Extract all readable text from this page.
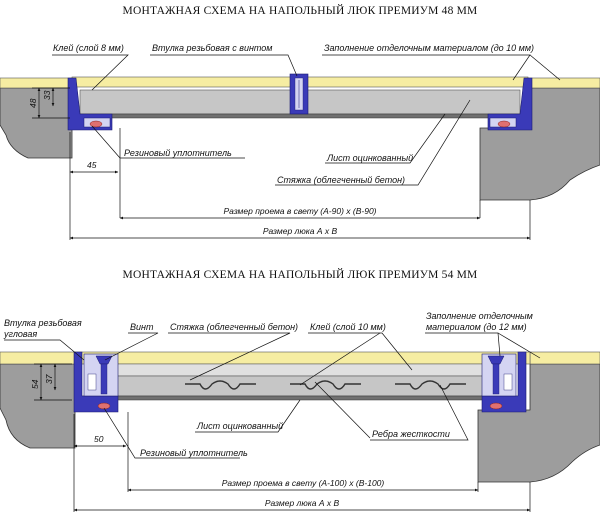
МОНТАЖНАЯ СХЕМА НА НАПОЛЬНЫЙ ЛЮК ПРЕМИУМ 48 ММ
Клей (слой 8 мм)	Втулка резьбовая с винтом	Заполнение отделочным материалом (до 10 мм)
Резиновый уплотнитель	Лист оцинкованный
Стяжка (облегченный бетон)
Размер проема в свету (А-90) х (В-90)
Размер люка А х В
48
33
45
МОНТАЖНАЯ СХЕМА НА НАПОЛЬНЫЙ ЛЮК ПРЕМИУМ 54 ММ
Втулка резьбовая
угловая
Винт Стяжка (облегченный бетон) Клей (слой 10 мм)
Заполнение отделочным
материалом (до 12 мм)
Лист оцинкованный
Ребра жесткости
Резиновый уплотнитель
Размер проема в свету (А-100) х (В-100)
Размер люка А х В
54
37
50
